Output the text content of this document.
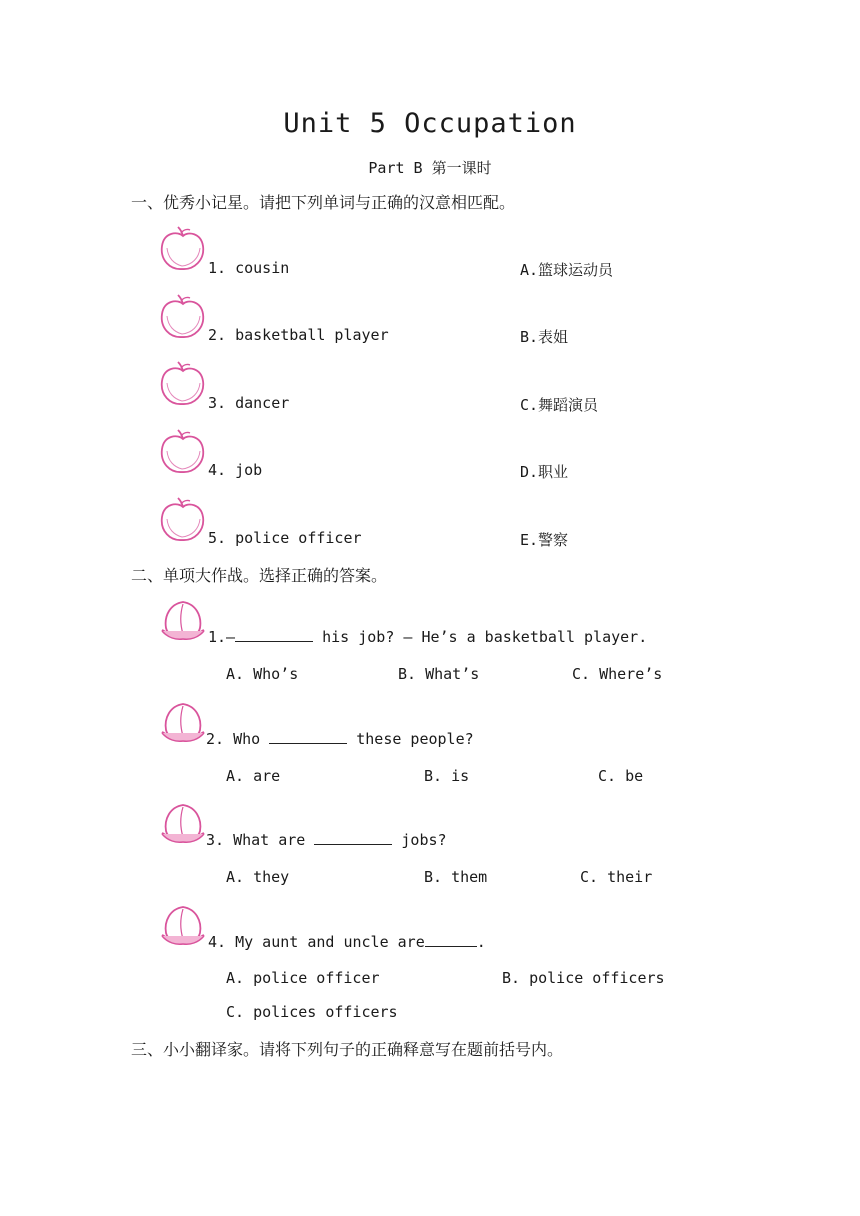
Unit 5 Occupation
Part B 第一课时
一、优秀小记星。请把下列单词与正确的汉意相匹配。
1. cousin	A.篮球运动员
2. basketball player	B.表姐
3. dancer	C.舞蹈演员
4. job	D.职业
5. police officer	E.警察
二、单项大作战。选择正确的答案。
1.—	his job? — He’s a basketball player.
A. Who’s	B. What’s	C. Where’s
2. Who	these people?
A. are	B. is	C. be
3. What are	jobs?
A. they	B. them	C. their
4. My aunt and uncle are	.
A. police officer	B. police officers
C. polices officers
三、小小翻译家。请将下列句子的正确释意写在题前括号内。
